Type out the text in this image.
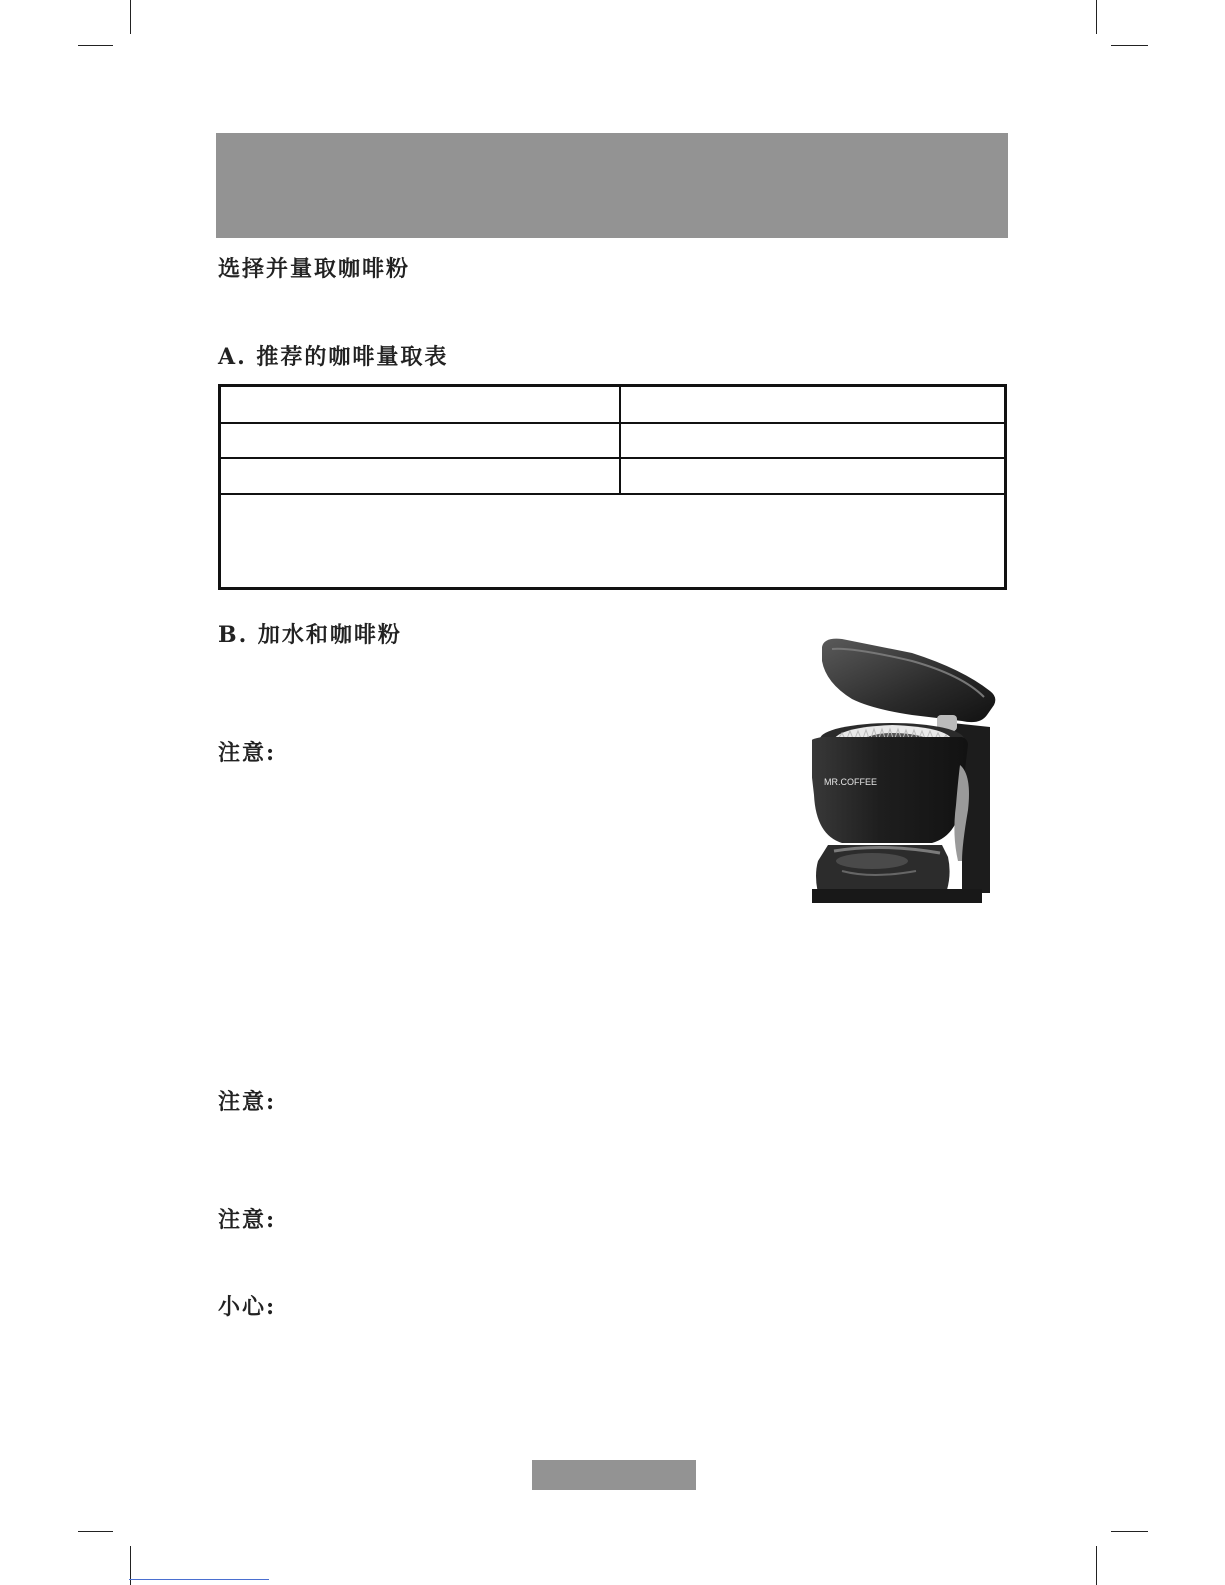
选择并量取咖啡粉
A. 推荐的咖啡量取表
B. 加水和咖啡粉
注意:
注意:
注意:
小心:
MR.COFFEE
